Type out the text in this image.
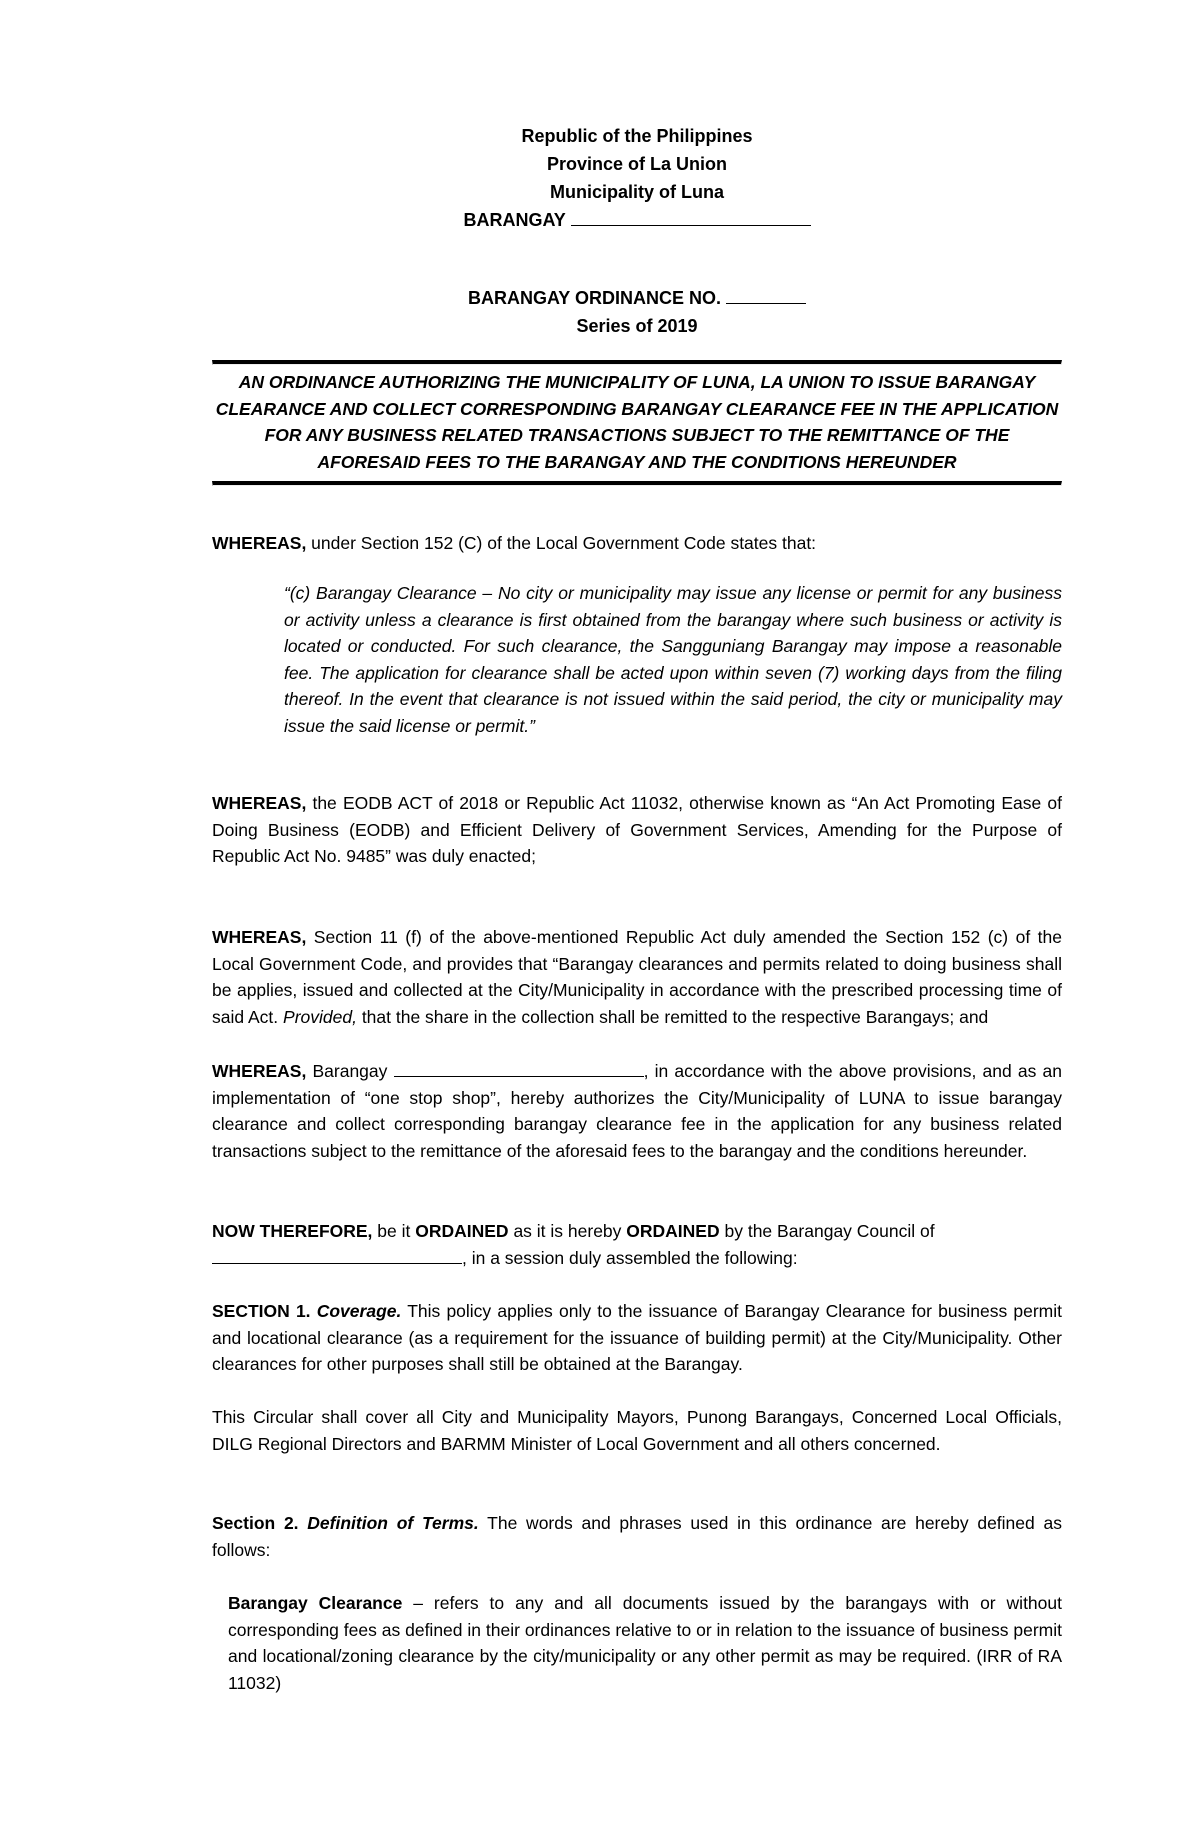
Republic of the Philippines
Province of La Union
Municipality of Luna
BARANGAY
BARANGAY ORDINANCE NO.
Series of 2019
AN ORDINANCE AUTHORIZING THE MUNICIPALITY OF LUNA, LA UNION TO ISSUE BARANGAY CLEARANCE AND COLLECT CORRESPONDING BARANGAY CLEARANCE FEE IN THE APPLICATION FOR ANY BUSINESS RELATED TRANSACTIONS SUBJECT TO THE REMITTANCE OF THE AFORESAID FEES TO THE BARANGAY AND THE CONDITIONS HEREUNDER

WHEREAS, under Section 152 (C) of the Local Government Code states that:

“(c) Barangay Clearance – No city or municipality may issue any license or permit for any business or activity unless a clearance is first obtained from the barangay where such business or activity is located or conducted. For such clearance, the Sangguniang Barangay may impose a reasonable fee. The application for clearance shall be acted upon within seven (7) working days from the filing thereof. In the event that clearance is not issued within the said period, the city or municipality may issue the said license or permit.”

WHEREAS, the EODB ACT of 2018 or Republic Act 11032, otherwise known as “An Act Promoting Ease of Doing Business (EODB) and Efficient Delivery of Government Services, Amending for the Purpose of Republic Act No. 9485” was duly enacted;

WHEREAS, Section 11 (f) of the above-mentioned Republic Act duly amended the Section 152 (c) of the Local Government Code, and provides that “Barangay clearances and permits related to doing business shall be applies, issued and collected at the City/Municipality in accordance with the prescribed processing time of said Act. Provided, that the share in the collection shall be remitted to the respective Barangays; and

WHEREAS, Barangay	, in accordance with the above provisions, and as an implementation of “one stop shop”, hereby authorizes the City/Municipality of LUNA to issue barangay clearance and collect corresponding barangay clearance fee in the application for any business related transactions subject to the remittance of the aforesaid fees to the barangay and the conditions hereunder.

NOW THEREFORE, be it ORDAINED as it is hereby ORDAINED by the Barangay Council of
, in a session duly assembled the following:

SECTION 1. Coverage. This policy applies only to the issuance of Barangay Clearance for business permit and locational clearance (as a requirement for the issuance of building permit) at the City/Municipality. Other clearances for other purposes shall still be obtained at the Barangay.

This Circular shall cover all City and Municipality Mayors, Punong Barangays, Concerned Local Officials, DILG Regional Directors and BARMM Minister of Local Government and all others concerned.

Section 2. Definition of Terms. The words and phrases used in this ordinance are hereby defined as follows:

Barangay Clearance – refers to any and all documents issued by the barangays with or without corresponding fees as defined in their ordinances relative to or in relation to the issuance of business permit and locational/zoning clearance by the city/municipality or any other permit as may be required. (IRR of RA 11032)
